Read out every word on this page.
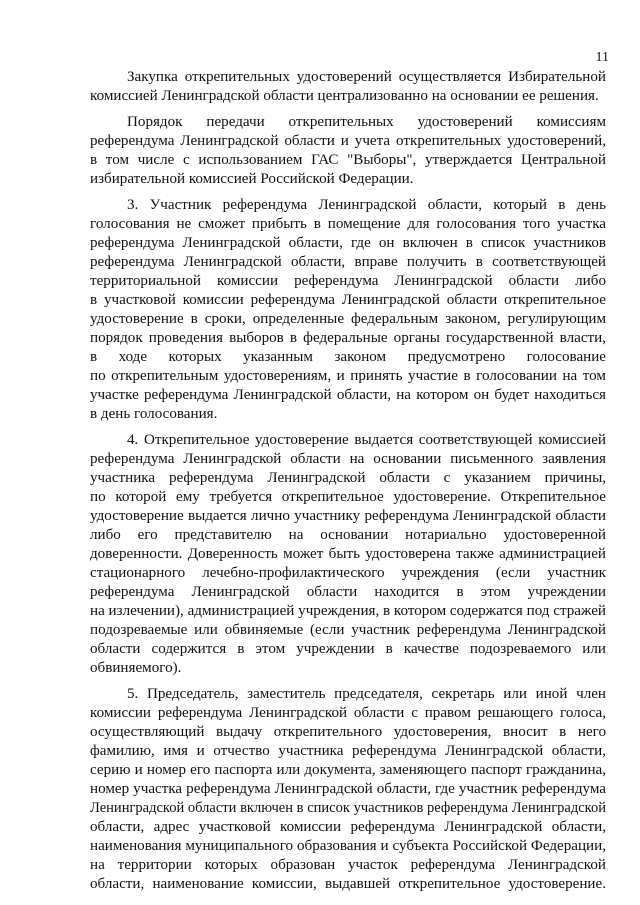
11
Закупка открепительных удостоверений осуществляется Избирательной
комиссией Ленинградской области централизованно на основании ее решения.
Порядок передачи открепительных удостоверений комиссиям
референдума Ленинградской области и учета открепительных удостоверений,
в том числе с использованием ГАС "Выборы", утверждается Центральной
избирательной комиссией Российской Федерации.
3. Участник референдума Ленинградской области, который в день
голосования не сможет прибыть в помещение для голосования того участка
референдума Ленинградской области, где он включен в список участников
референдума Ленинградской области, вправе получить в соответствующей
территориальной комиссии референдума Ленинградской области либо
в участковой комиссии референдума Ленинградской области открепительное
удостоверение в сроки, определенные федеральным законом, регулирующим
порядок проведения выборов в федеральные органы государственной власти,
в ходе которых указанным законом предусмотрено голосование
по открепительным удостоверениям, и принять участие в голосовании на том
участке референдума Ленинградской области, на котором он будет находиться
в день голосования.
4. Открепительное удостоверение выдается соответствующей комиссией
референдума Ленинградской области на основании письменного заявления
участника референдума Ленинградской области с указанием причины,
по которой ему требуется открепительное удостоверение. Открепительное
удостоверение выдается лично участнику референдума Ленинградской области
либо его представителю на основании нотариально удостоверенной
доверенности. Доверенность может быть удостоверена также администрацией
стационарного лечебно-профилактического учреждения (если участник
референдума Ленинградской области находится в этом учреждении
на излечении), администрацией учреждения, в котором содержатся под стражей
подозреваемые или обвиняемые (если участник референдума Ленинградской
области содержится в этом учреждении в качестве подозреваемого или
обвиняемого).
5. Председатель, заместитель председателя, секретарь или иной член
комиссии референдума Ленинградской области с правом решающего голоса,
осуществляющий выдачу открепительного удостоверения, вносит в него
фамилию, имя и отчество участника референдума Ленинградской области,
серию и номер его паспорта или документа, заменяющего паспорт гражданина,
номер участка референдума Ленинградской области, где участник референдума
Ленинградской области включен в список участников референдума Ленинградской
области, адрес участковой комиссии референдума Ленинградской области,
наименования муниципального образования и субъекта Российской Федерации,
на территории которых образован участок референдума Ленинградской
области, наименование комиссии, выдавшей открепительное удостоверение.
